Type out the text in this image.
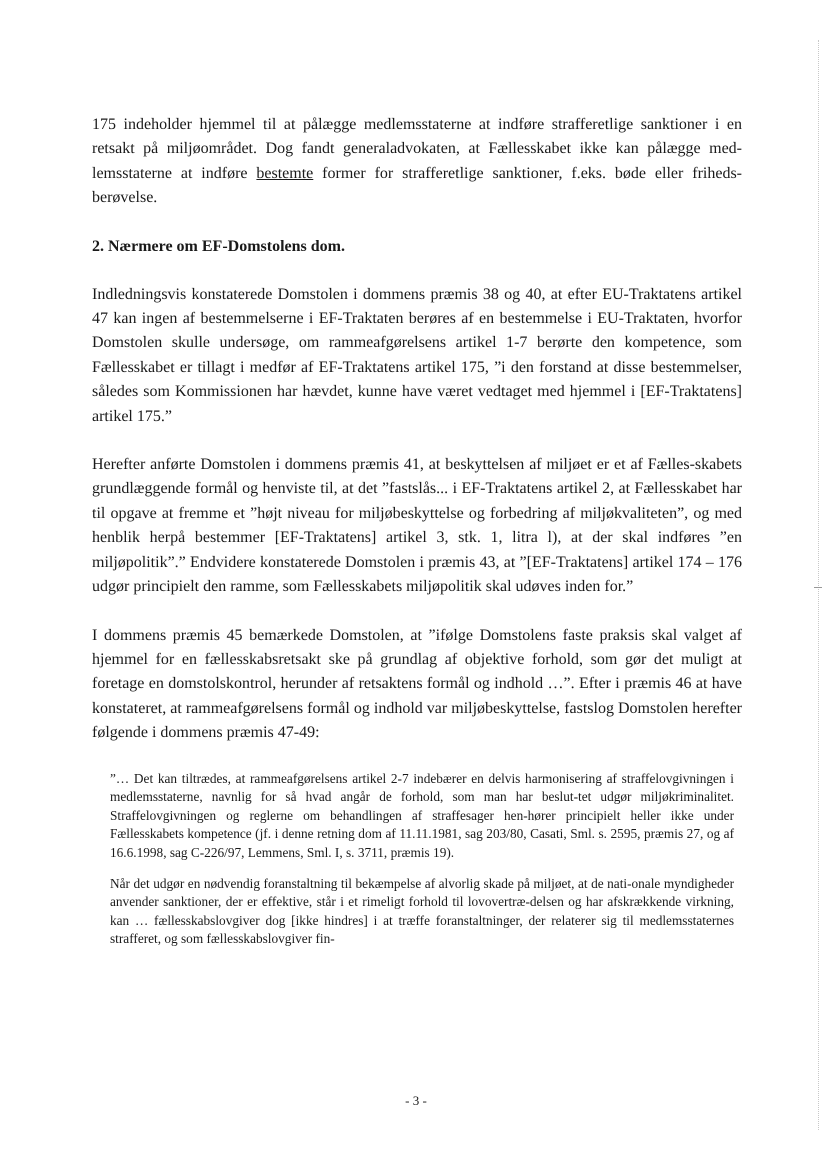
175 indeholder hjemmel til at pålægge medlemsstaterne at indføre strafferetlige sanktioner i en retsakt på miljøområdet. Dog fandt generaladvokaten, at Fællesskabet ikke kan pålægge med-lemsstaterne at indføre bestemte former for strafferetlige sanktioner, f.eks. bøde eller friheds-berøvelse.

2. Nærmere om EF-Domstolens dom.

Indledningsvis konstaterede Domstolen i dommens præmis 38 og 40, at efter EU-Traktatens artikel 47 kan ingen af bestemmelserne i EF-Traktaten berøres af en bestemmelse i EU-Traktaten, hvorfor Domstolen skulle undersøge, om rammeafgørelsens artikel 1-7 berørte den kompetence, som Fællesskabet er tillagt i medfør af EF-Traktatens artikel 175, ”i den forstand at disse bestemmelser, således som Kommissionen har hævdet, kunne have været vedtaget med hjemmel i [EF-Traktatens] artikel 175.”

Herefter anførte Domstolen i dommens præmis 41, at beskyttelsen af miljøet er et af Fælles-skabets grundlæggende formål og henviste til, at det ”fastslås... i EF-Traktatens artikel 2, at Fællesskabet har til opgave at fremme et ”højt niveau for miljøbeskyttelse og forbedring af miljøkvaliteten”, og med henblik herpå bestemmer [EF-Traktatens] artikel 3, stk. 1, litra l), at der skal indføres ”en miljøpolitik”.” Endvidere konstaterede Domstolen i præmis 43, at ”[EF-Traktatens] artikel 174 – 176 udgør principielt den ramme, som Fællesskabets miljøpolitik skal udøves inden for.”

I dommens præmis 45 bemærkede Domstolen, at ”ifølge Domstolens faste praksis skal valget af hjemmel for en fællesskabsretsakt ske på grundlag af objektive forhold, som gør det muligt at foretage en domstolskontrol, herunder af retsaktens formål og indhold …”. Efter i præmis 46 at have konstateret, at rammeafgørelsens formål og indhold var miljøbeskyttelse, fastslog Domstolen herefter følgende i dommens præmis 47-49:

”… Det kan tiltrædes, at rammeafgørelsens artikel 2-7 indebærer en delvis harmonisering af straffelovgivningen i medlemsstaterne, navnlig for så hvad angår de forhold, som man har beslut-tet udgør miljøkriminalitet. Straffelovgivningen og reglerne om behandlingen af straffesager hen-hører principielt heller ikke under Fællesskabets kompetence (jf. i denne retning dom af 11.11.1981, sag 203/80, Casati, Sml. s. 2595, præmis 27, og af 16.6.1998, sag C-226/97, Lemmens, Sml. I, s. 3711, præmis 19).

Når det udgør en nødvendig foranstaltning til bekæmpelse af alvorlig skade på miljøet, at de nati-onale myndigheder anvender sanktioner, der er effektive, står i et rimeligt forhold til lovovertræ-delsen og har afskrækkende virkning, kan … fællesskabslovgiver dog [ikke hindres] i at træffe foranstaltninger, der relaterer sig til medlemsstaternes strafferet, og som fællesskabslovgiver fin-

- 3 -
